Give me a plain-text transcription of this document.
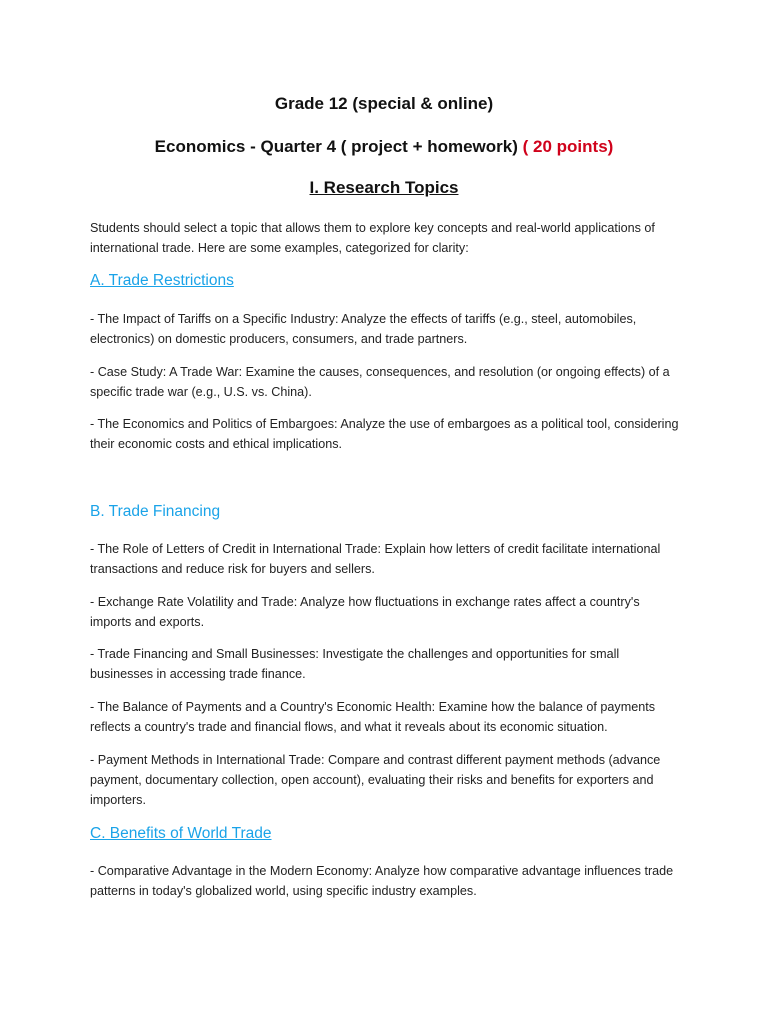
Grade 12 (special & online)
Economics - Quarter 4 ( project + homework) ( 20 points)
I. Research Topics
Students should select a topic that allows them to explore key concepts and real-world applications of international trade. Here are some examples, categorized for clarity:
A. Trade Restrictions
- The Impact of Tariffs on a Specific Industry: Analyze the effects of tariffs (e.g., steel, automobiles, electronics) on domestic producers, consumers, and trade partners.
- Case Study: A Trade War: Examine the causes, consequences, and resolution (or ongoing effects) of a specific trade war (e.g., U.S. vs. China).
- The Economics and Politics of Embargoes: Analyze the use of embargoes as a political tool, considering their economic costs and ethical implications.
B. Trade Financing
- The Role of Letters of Credit in International Trade: Explain how letters of credit facilitate international transactions and reduce risk for buyers and sellers.
- Exchange Rate Volatility and Trade: Analyze how fluctuations in exchange rates affect a country's imports and exports.
- Trade Financing and Small Businesses: Investigate the challenges and opportunities for small businesses in accessing trade finance.
- The Balance of Payments and a Country's Economic Health: Examine how the balance of payments reflects a country's trade and financial flows, and what it reveals about its economic situation.
- Payment Methods in International Trade: Compare and contrast different payment methods (advance payment, documentary collection, open account), evaluating their risks and benefits for exporters and importers.
C. Benefits of World Trade
- Comparative Advantage in the Modern Economy: Analyze how comparative advantage influences trade patterns in today's globalized world, using specific industry examples.
